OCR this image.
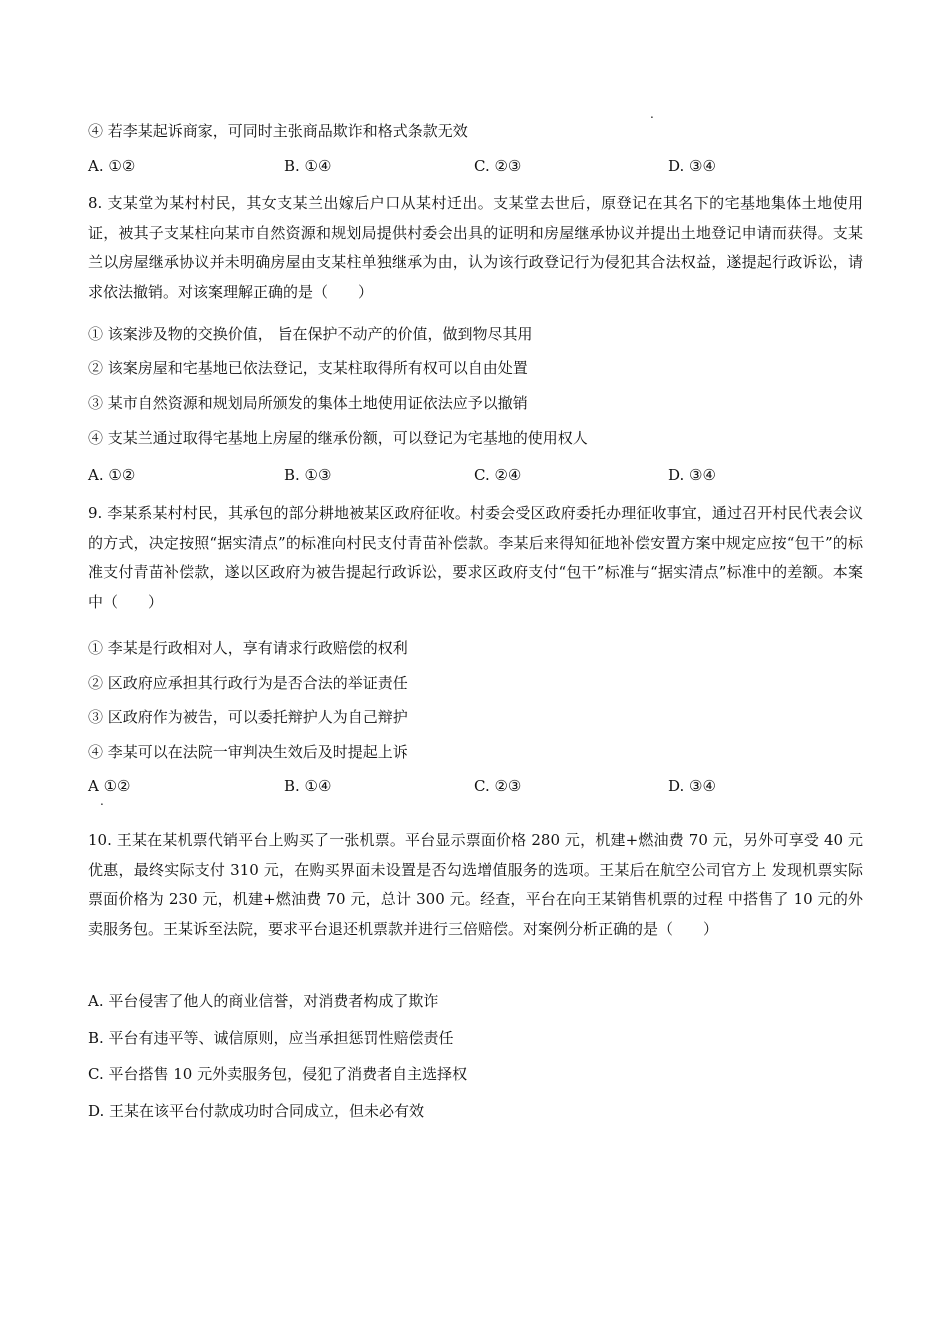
.
④ 若李某起诉商家，可同时主张商品欺诈和格式条款无效
A. ①②	B. ①④	C. ②③	D. ③④
8. 支某堂为某村村民，其女支某兰出嫁后户口从某村迁出。支某堂去世后，原登记在其名下的宅基地集体土地使用证，被其子支某柱向某市自然资源和规划局提供村委会出具的证明和房屋继承协议并提出土地登记申请而获得。支某兰以房屋继承协议并未明确房屋由支某柱单独继承为由，认为该行政登记行为侵犯其合法权益，遂提起行政诉讼，请求依法撤销。对该案理解正确的是（　　）
① 该案涉及物的交换价值， 旨在保护不动产的价值，做到物尽其用
② 该案房屋和宅基地已依法登记，支某柱取得所有权可以自由处置
③ 某市自然资源和规划局所颁发的集体土地使用证依法应予以撤销
④ 支某兰通过取得宅基地上房屋的继承份额，可以登记为宅基地的使用权人
A. ①②	B. ①③	C. ②④	D. ③④
9. 李某系某村村民，其承包的部分耕地被某区政府征收。村委会受区政府委托办理征收事宜，通过召开村民代表会议的方式，决定按照“据实清点”的标准向村民支付青苗补偿款。李某后来得知征地补偿安置方案中规定应按“包干”的标准支付青苗补偿款，遂以区政府为被告提起行政诉讼，要求区政府支付“包干”标准与“据实清点”标准中的差额。本案中（　　）
① 李某是行政相对人，享有请求行政赔偿的权利
② 区政府应承担其行政行为是否合法的举证责任
③ 区政府作为被告，可以委托辩护人为自己辩护
④ 李某可以在法院一审判决生效后及时提起上诉
A ①②	B. ①④	C. ②③	D. ③④
.
10. 王某在某机票代销平台上购买了一张机票。平台显示票面价格 280 元，机建+燃油费 70 元，另外可享受 40 元优惠，最终实际支付 310 元，在购买界面未设置是否勾选增值服务的选项。王某后在航空公司官方上 发现机票实际票面价格为 230 元，机建+燃油费 70 元，总计 300 元。经查，平台在向王某销售机票的过程 中搭售了 10 元的外卖服务包。王某诉至法院，要求平台退还机票款并进行三倍赔偿。对案例分析正确的是（　　）
A. 平台侵害了他人的商业信誉，对消费者构成了欺诈
B. 平台有违平等、诚信原则，应当承担惩罚性赔偿责任
C. 平台搭售 10 元外卖服务包，侵犯了消费者自主选择权
D. 王某在该平台付款成功时合同成立，但未必有效
